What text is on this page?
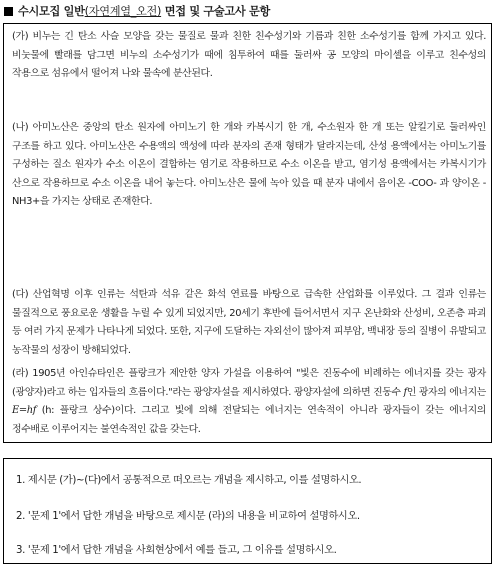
수시모집 일반(자연계열_오전) 면접 및 구술고사 문항
(가) 비누는 긴 탄소 사슬 모양을 갖는 물질로 물과 친한 친수성기와 기름과 친한 소수성기를 함께 가지고 있다. 비눗물에 빨래를 담그면 비누의 소수성기가 때에 침투하여 때를 둘러싸 공 모양의 마이셀을 이루고 친수성의 작용으로 섬유에서 떨어져 나와 물속에 분산된다.
(나) 아미노산은 중앙의 탄소 원자에 아미노기 한 개와 카복시기 한 개, 수소원자 한 개 또는 알킬기로 둘러싸인 구조를 하고 있다. 아미노산은 수용액의 액성에 따라 분자의 존재 형태가 달라지는데, 산성 용액에서는 아미노기를 구성하는 질소 원자가 수소 이온이 결합하는 염기로 작용하므로 수소 이온을 받고, 염기성 용액에서는 카복시기가 산으로 작용하므로 수소 이온을 내어 놓는다. 아미노산은 물에 녹아 있을 때 분자 내에서 음이온 -COO- 과 양이온 -NH3+을 가지는 상태로 존재한다.
(다) 산업혁명 이후 인류는 석탄과 석유 같은 화석 연료를 바탕으로 급속한 산업화를 이루었다. 그 결과 인류는 물질적으로 풍요로운 생활을 누릴 수 있게 되었지만, 20세기 후반에 들어서면서 지구 온난화와 산성비, 오존층 파괴 등 여러 가지 문제가 나타나게 되었다. 또한, 지구에 도달하는 자외선이 많아져 피부암, 백내장 등의 질병이 유발되고 농작물의 성장이 방해되었다.
(라) 1905년 아인슈타인은 플랑크가 제안한 양자 가설을 이용하여 "빛은 진동수에 비례하는 에너지를 갖는 광자(광양자)라고 하는 입자들의 흐름이다."라는 광양자설을 제시하였다. 광양자설에 의하면 진동수 f인 광자의 에너지는 E=hf (h: 플랑크 상수)이다. 그리고 빛에 의해 전달되는 에너지는 연속적이 아니라 광자들이 갖는 에너지의 정수배로 이루어지는 불연속적인 값을 갖는다.
1. 제시문 (가)~(다)에서 공통적으로 떠오르는 개념을 제시하고, 이를 설명하시오.
2. '문제 1'에서 답한 개념을 바탕으로 제시문 (라)의 내용을 비교하여 설명하시오.
3. '문제 1'에서 답한 개념을 사회현상에서 예를 들고, 그 이유를 설명하시오.
